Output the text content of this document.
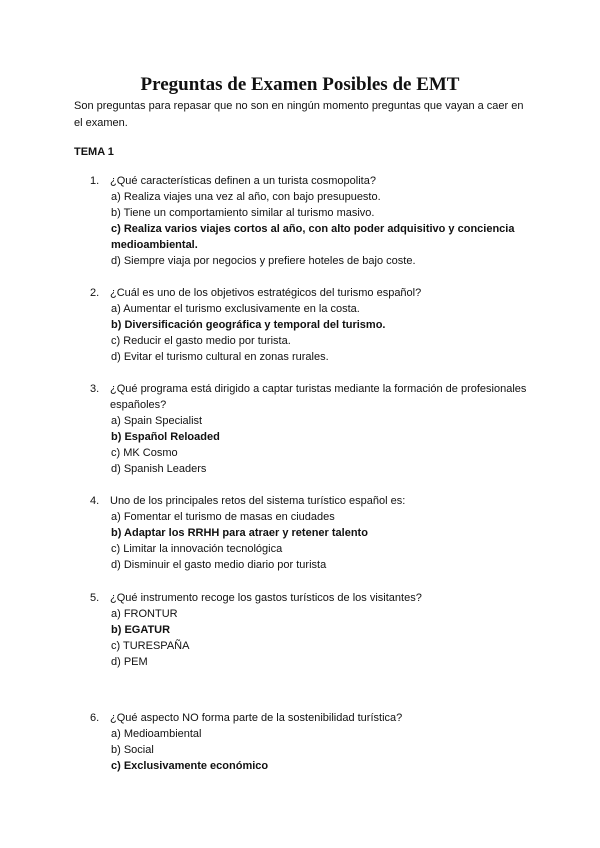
Preguntas de Examen Posibles de EMT

Son preguntas para repasar que no son en ningún momento preguntas que vayan a caer en el examen.

TEMA 1

1. ¿Qué características definen a un turista cosmopolita?
a) Realiza viajes una vez al año, con bajo presupuesto.
b) Tiene un comportamiento similar al turismo masivo.
c) Realiza varios viajes cortos al año, con alto poder adquisitivo y conciencia medioambiental.
d) Siempre viaja por negocios y prefiere hoteles de bajo coste.
2. ¿Cuál es uno de los objetivos estratégicos del turismo español?
a) Aumentar el turismo exclusivamente en la costa.
b) Diversificación geográfica y temporal del turismo.
c) Reducir el gasto medio por turista.
d) Evitar el turismo cultural en zonas rurales.
3. ¿Qué programa está dirigido a captar turistas mediante la formación de profesionales españoles?
a) Spain Specialist
b) Español Reloaded
c) MK Cosmo
d) Spanish Leaders
4. Uno de los principales retos del sistema turístico español es:
a) Fomentar el turismo de masas en ciudades
b) Adaptar los RRHH para atraer y retener talento
c) Limitar la innovación tecnológica
d) Disminuir el gasto medio diario por turista
5. ¿Qué instrumento recoge los gastos turísticos de los visitantes?
a) FRONTUR
b) EGATUR
c) TURESPAÑA
d) PEM
6. ¿Qué aspecto NO forma parte de la sostenibilidad turística?
a) Medioambiental
b) Social
c) Exclusivamente económico
